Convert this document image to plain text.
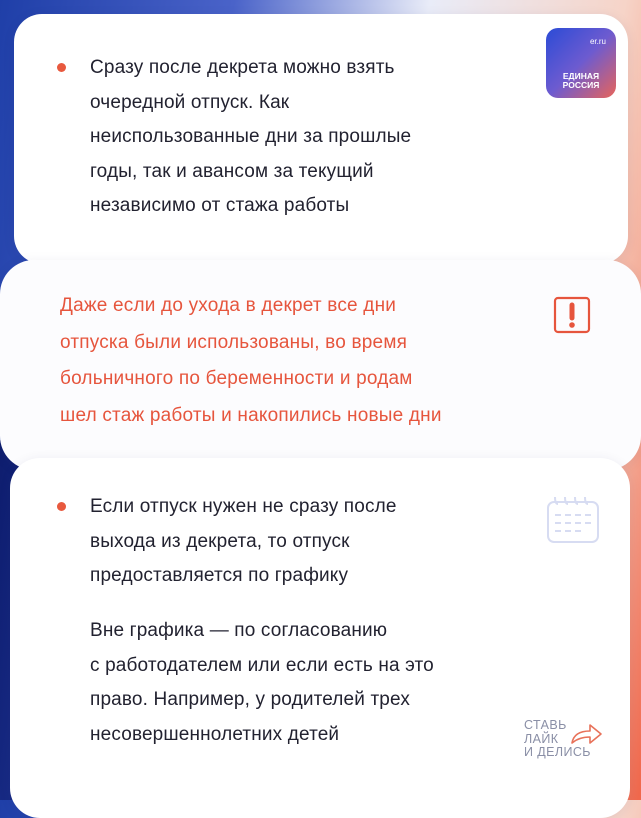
er.ru
ЕДИНАЯ
РОССИЯ
Сразу после декрета можно взять
очередной отпуск. Как
неиспользованные дни за прошлые
годы, так и авансом за текущий
независимо от стажа работы
Даже если до ухода в декрет все дни
отпуска были использованы, во время
больничного по беременности и родам
шел стаж работы и накопились новые дни
Если отпуск нужен не сразу после
выхода из декрета, то отпуск
предоставляется по графику
Вне графика — по согласованию
с работодателем или если есть на это
право. Например, у родителей трех
несовершеннолетних детей	СТАВЬ
ЛАЙК
И ДЕЛИСЬ
